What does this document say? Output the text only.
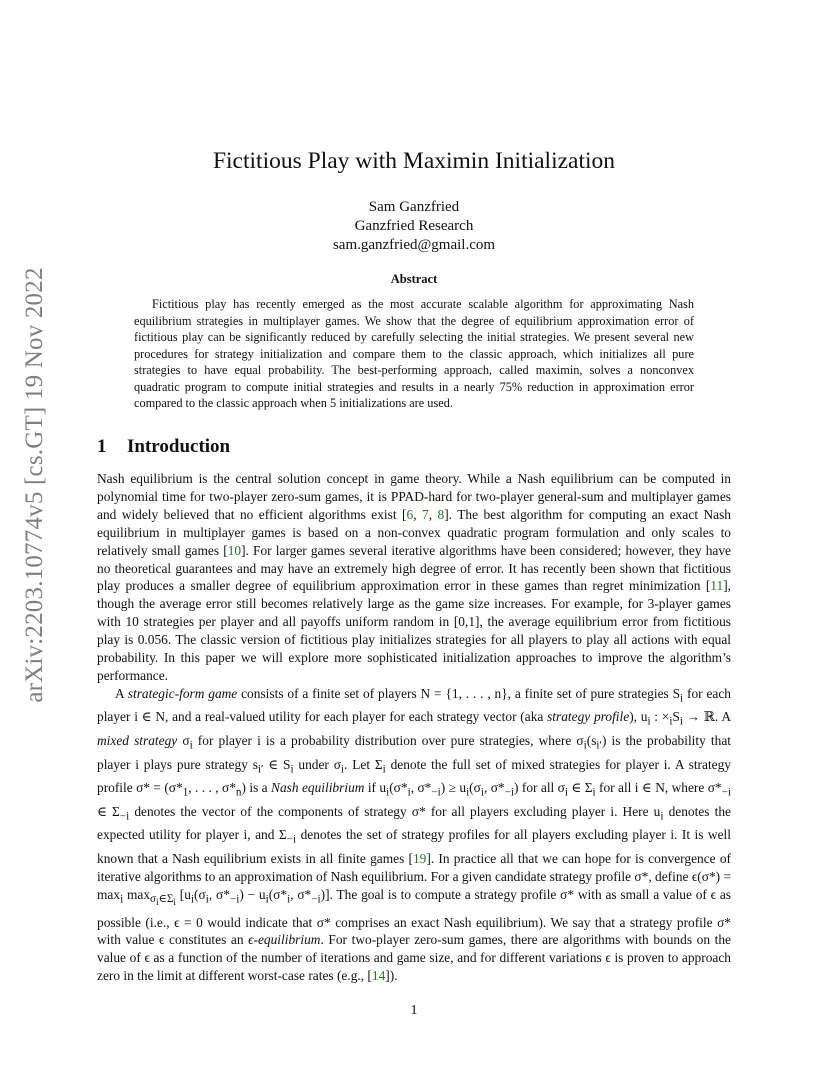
arXiv:2203.10774v5 [cs.GT] 19 Nov 2022
Fictitious Play with Maximin Initialization
Sam Ganzfried
Ganzfried Research
sam.ganzfried@gmail.com
Abstract
Fictitious play has recently emerged as the most accurate scalable algorithm for approximating Nash equilibrium strategies in multiplayer games. We show that the degree of equilibrium approximation error of fictitious play can be significantly reduced by carefully selecting the initial strategies. We present several new procedures for strategy initialization and compare them to the classic approach, which initializes all pure strategies to have equal probability. The best-performing approach, called maximin, solves a nonconvex quadratic program to compute initial strategies and results in a nearly 75% reduction in approximation error compared to the classic approach when 5 initializations are used.
1 Introduction

Nash equilibrium is the central solution concept in game theory. While a Nash equilibrium can be computed in polynomial time for two-player zero-sum games, it is PPAD-hard for two-player general-sum and multiplayer games and widely believed that no efficient algorithms exist [6, 7, 8]. The best algorithm for computing an exact Nash equilibrium in multiplayer games is based on a non-convex quadratic program formulation and only scales to relatively small games [10]. For larger games several iterative algorithms have been considered; however, they have no theoretical guarantees and may have an extremely high degree of error. It has recently been shown that fictitious play produces a smaller degree of equilibrium approximation error in these games than regret minimization [11], though the average error still becomes relatively large as the game size increases. For example, for 3-player games with 10 strategies per player and all payoffs uniform random in [0,1], the average equilibrium error from fictitious play is 0.056. The classic version of fictitious play initializes strategies for all players to play all actions with equal probability. In this paper we will explore more sophisticated initialization approaches to improve the algorithm’s performance.

A strategic-form game consists of a finite set of players N = {1, . . . , n}, a finite set of pure strategies $S_i$ for each player i ∈ N, and a real-valued utility for each player for each strategy vector (aka strategy profile), $u_i$ : $\times_iS_i$ → ℝ. A mixed strategy $\sigma_i$ for player i is a probability distribution over pure strategies, where $\sigma_i(s_{i'})$ is the probability that player i plays pure strategy $s_{i'}$ ∈ $S_i$ under $\sigma_i$. Let $\Sigma_i$ denote the full set of mixed strategies for player i. A strategy profile $\sigma* = (\sigma*_1$, . . . , $\sigma*_n$) is a Nash equilibrium if $u_i(\sigma*_i$, $\sigma*_{-i}) \ge u_i(\sigma_i$, $\sigma*_{-i}$) for all $\sigma_i$ ∈ $\Sigma_i$ for all i ∈ N, where $\sigma*_{-i}$ ∈ $\Sigma_{-i}$ denotes the vector of the components of strategy σ* for all players excluding player i. Here $u_i$ denotes the expected utility for player i, and $\Sigma_{-i}$ denotes the set of strategy profiles for all players excluding player i. It is well known that a Nash equilibrium exists in all finite games [19]. In practice all that we can hope for is convergence of iterative algorithms to an approximation of Nash equilibrium. For a given candidate strategy profile σ*, define $\epsilon(\sigma*) = \max_i \max_{\sigma_i\in\Sigma_i} [u_i(\sigma_i$, $\sigma*_{-i}) - u_i(\sigma*_i$, $\sigma*_{-i}$)]. The goal is to compute a strategy profile σ* with as small a value of ϵ as possible (i.e., ϵ = 0 would indicate that σ* comprises an exact Nash equilibrium). We say that a strategy profile σ* with value ϵ constitutes an ϵ-equilibrium. For two-player zero-sum games, there are algorithms with bounds on the value of ϵ as a function of the number of iterations and game size, and for different variations ϵ is proven to approach zero in the limit at different worst-case rates (e.g., [14]).

1
